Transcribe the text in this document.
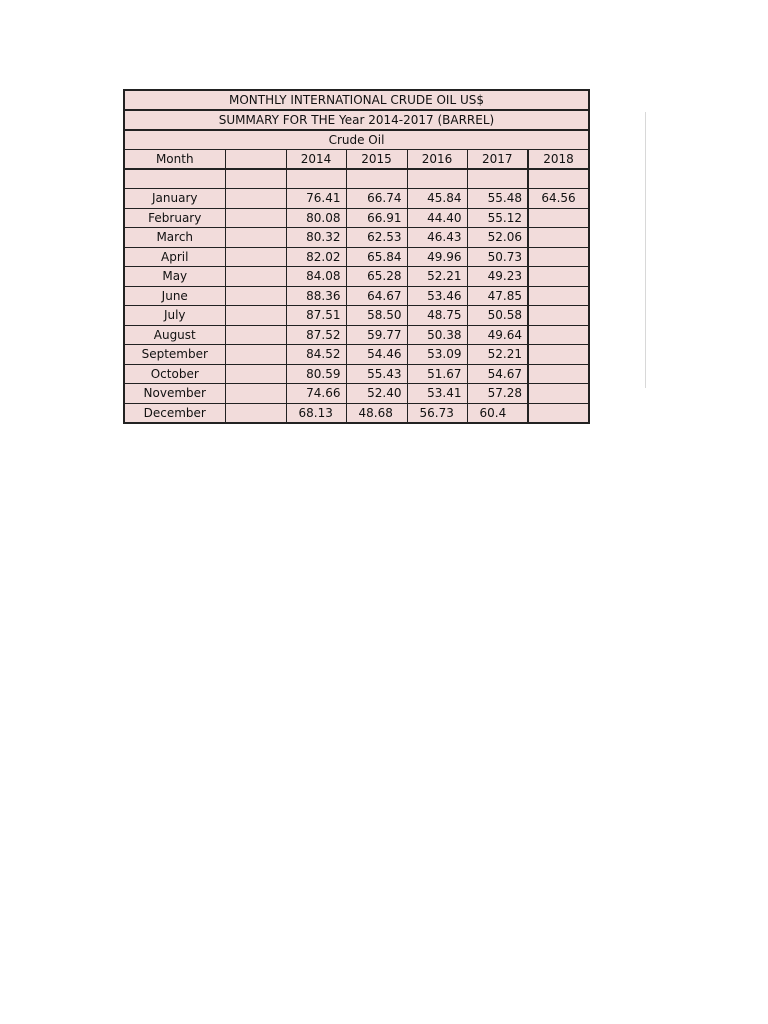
MONTHLY INTERNATIONAL CRUDE OIL US$						
SUMMARY FOR THE Year 2014-2017 (BARREL)						
Crude Oil						
Month		2014	2015	2016	2017	2018

January		76.41	66.74	45.84	55.48	64.56
February		80.08	66.91	44.40	55.12	
March		80.32	62.53	46.43	52.06	
April		82.02	65.84	49.96	50.73	
May		84.08	65.28	52.21	49.23	
June		88.36	64.67	53.46	47.85	
July		87.51	58.50	48.75	50.58	
August		87.52	59.77	50.38	49.64	
September		84.52	54.46	53.09	52.21	
October		80.59	55.43	51.67	54.67	
November		74.66	52.40	53.41	57.28	
December		68.13	48.68	56.73	60.4	
